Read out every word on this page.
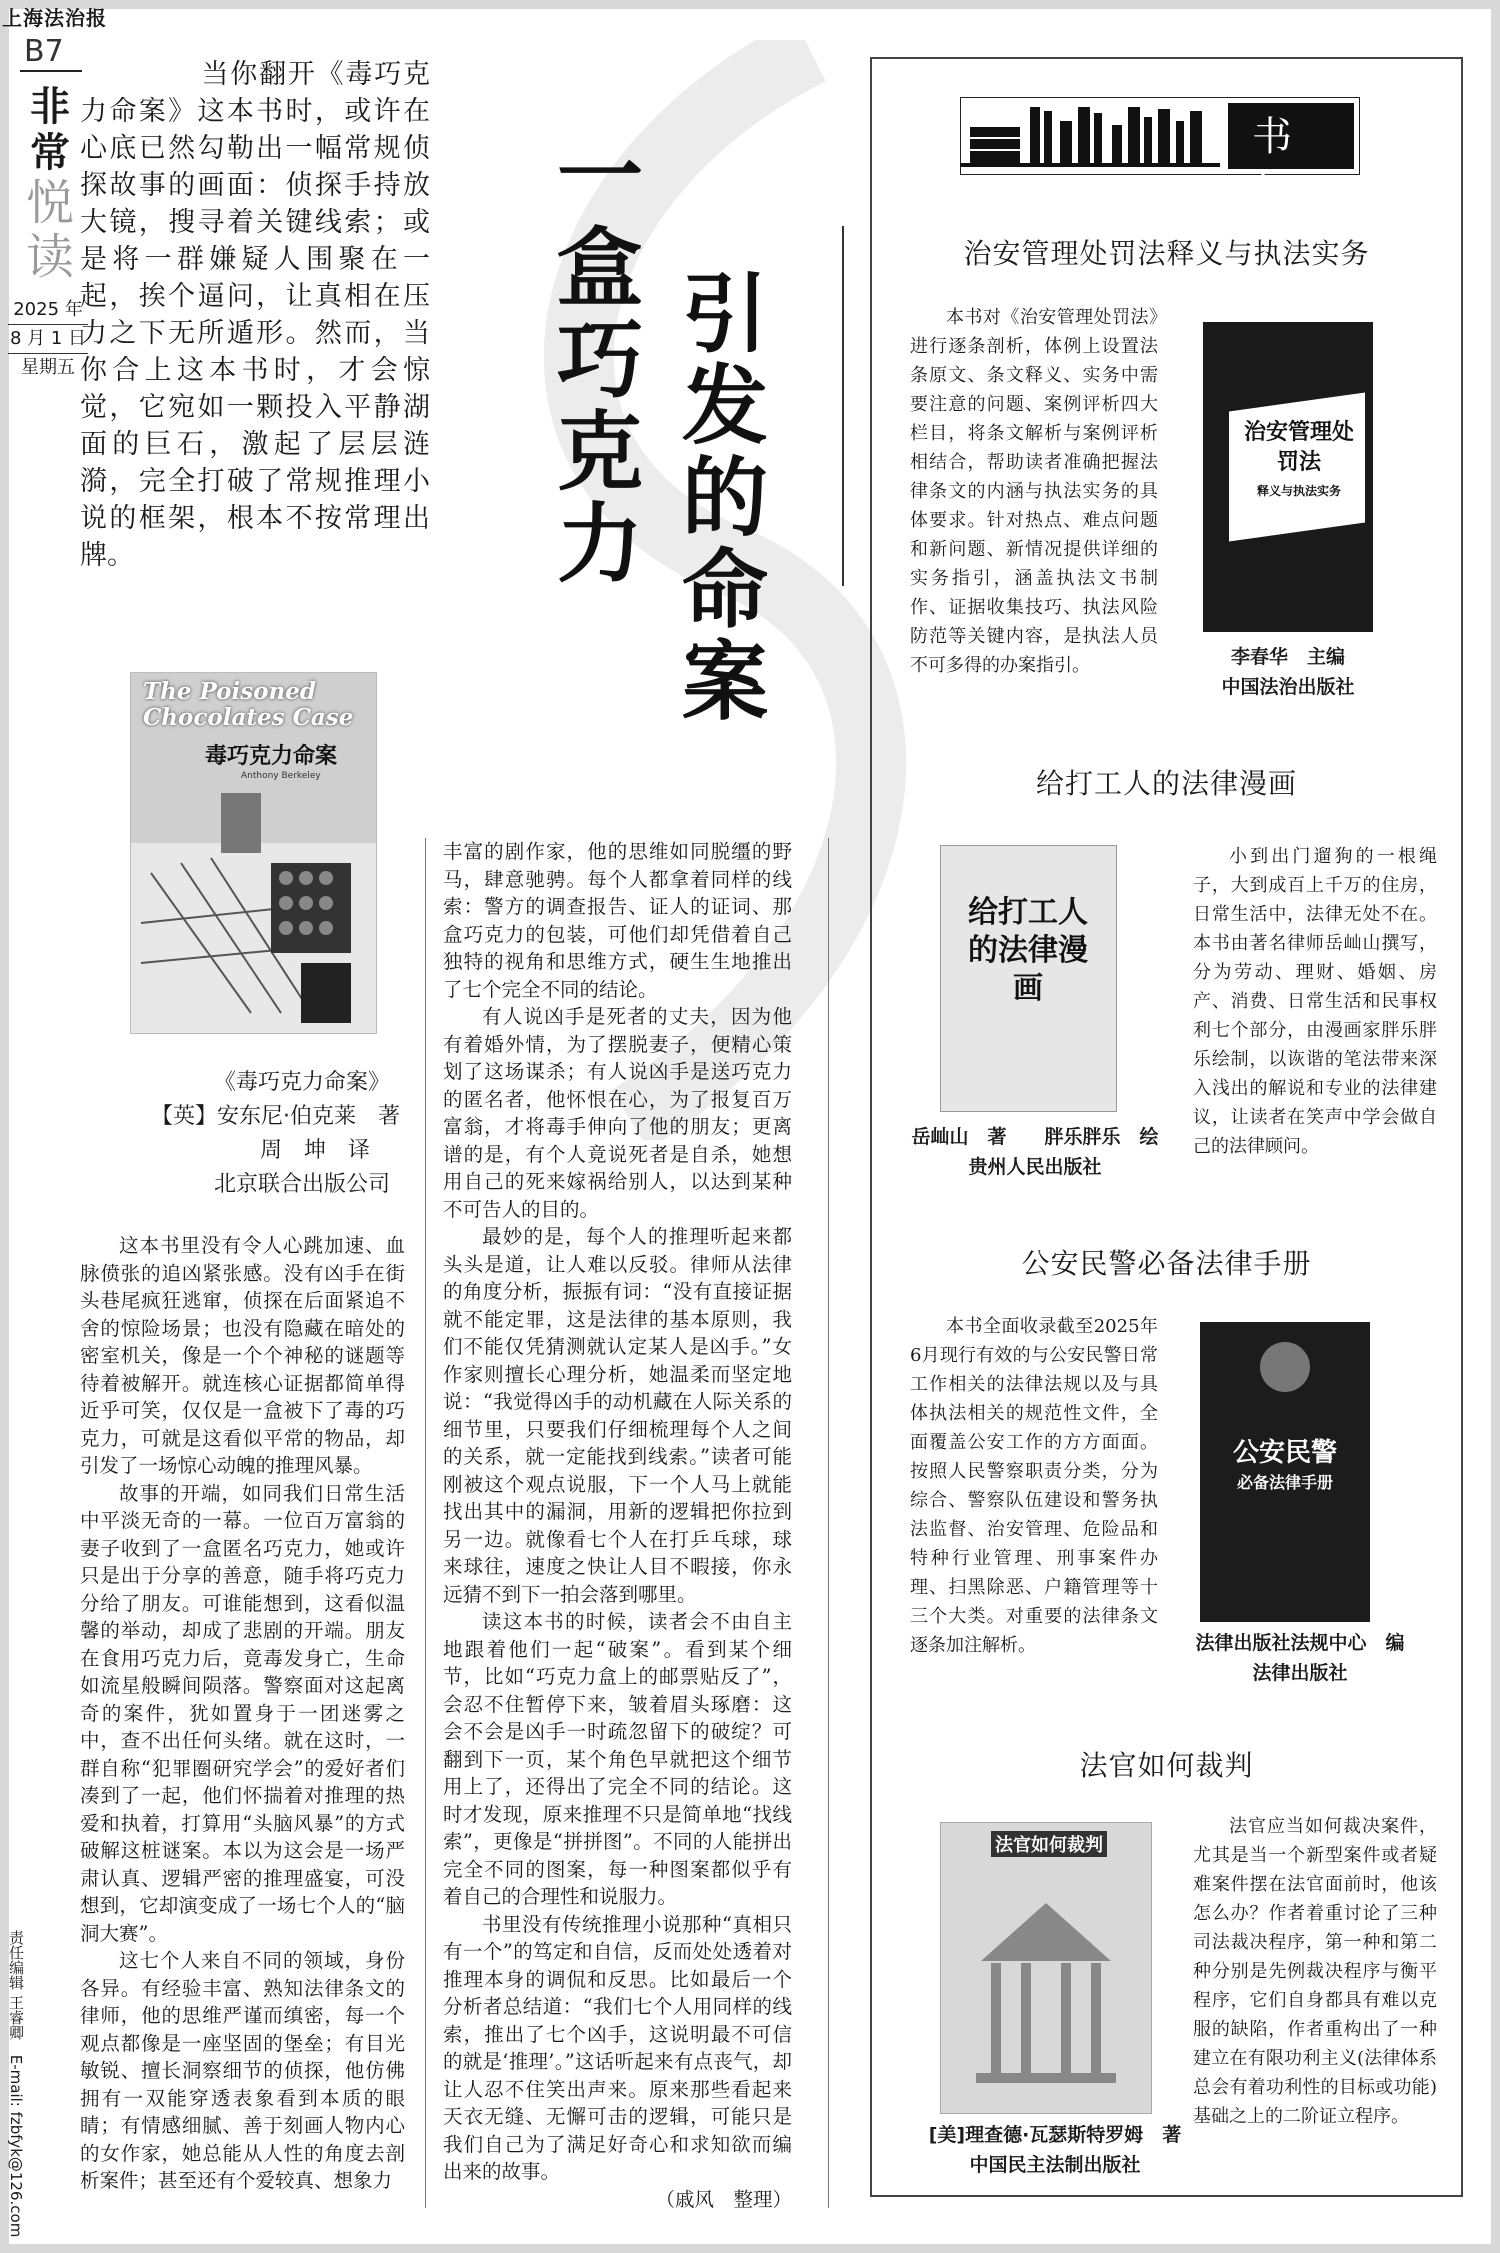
上海法治报
B7
非
常
悦
读
2025 年
8 月 1 日
星期五
当你翻开《毒巧克力命案》这本书时，或许在心底已然勾勒出一幅常规侦探故事的画面：侦探手持放大镜，搜寻着关键线索；或是将一群嫌疑人围聚在一起，挨个逼问，让真相在压力之下无所遁形。然而，当你合上这本书时，才会惊觉，它宛如一颗投入平静湖面的巨石，激起了层层涟漪，完全打破了常规推理小说的框架，根本不按常理出牌。	一盒巧克力 引发的命案
The Poisoned Chocolates Case
毒巧克力命案
Anthony Berkeley
《毒巧克力命案》
【英】安东尼·伯克莱　著
周　坤　译
北京联合出版公司

这本书里没有令人心跳加速、血脉偾张的追凶紧张感。没有凶手在街头巷尾疯狂逃窜，侦探在后面紧追不舍的惊险场景；也没有隐藏在暗处的密室机关，像是一个个神秘的谜题等待着被解开。就连核心证据都简单得近乎可笑，仅仅是一盒被下了毒的巧克力，可就是这看似平常的物品，却引发了一场惊心动魄的推理风暴。

故事的开端，如同我们日常生活中平淡无奇的一幕。一位百万富翁的妻子收到了一盒匿名巧克力，她或许只是出于分享的善意，随手将巧克力分给了朋友。可谁能想到，这看似温馨的举动，却成了悲剧的开端。朋友在食用巧克力后，竟毒发身亡，生命如流星般瞬间陨落。警察面对这起离奇的案件，犹如置身于一团迷雾之中，查不出任何头绪。就在这时，一群自称“犯罪圈研究学会”的爱好者们凑到了一起，他们怀揣着对推理的热爱和执着，打算用“头脑风暴”的方式破解这桩谜案。本以为这会是一场严肃认真、逻辑严密的推理盛宴，可没想到，它却演变成了一场七个人的“脑洞大赛”。

这七个人来自不同的领域，身份各异。有经验丰富、熟知法律条文的律师，他的思维严谨而缜密，每一个观点都像是一座坚固的堡垒；有目光敏锐、擅长洞察细节的侦探，他仿佛拥有一双能穿透表象看到本质的眼睛；有情感细腻、善于刻画人物内心的女作家，她总能从人性的角度去剖析案件；甚至还有个爱较真、想象力

丰富的剧作家，他的思维如同脱缰的野马，肆意驰骋。每个人都拿着同样的线索：警方的调查报告、证人的证词、那盒巧克力的包装，可他们却凭借着自己独特的视角和思维方式，硬生生地推出了七个完全不同的结论。

有人说凶手是死者的丈夫，因为他有着婚外情，为了摆脱妻子，便精心策划了这场谋杀；有人说凶手是送巧克力的匿名者，他怀恨在心，为了报复百万富翁，才将毒手伸向了他的朋友；更离谱的是，有个人竟说死者是自杀，她想用自己的死来嫁祸给别人，以达到某种不可告人的目的。

最妙的是，每个人的推理听起来都头头是道，让人难以反驳。律师从法律的角度分析，振振有词：“没有直接证据就不能定罪，这是法律的基本原则，我们不能仅凭猜测就认定某人是凶手。”女作家则擅长心理分析，她温柔而坚定地说：“我觉得凶手的动机藏在人际关系的细节里，只要我们仔细梳理每个人之间的关系，就一定能找到线索。”读者可能刚被这个观点说服，下一个人马上就能找出其中的漏洞，用新的逻辑把你拉到另一边。就像看七个人在打乒乓球，球来球往，速度之快让人目不暇接，你永远猜不到下一拍会落到哪里。

读这本书的时候，读者会不由自主地跟着他们一起“破案”。看到某个细节，比如“巧克力盒上的邮票贴反了”，会忍不住暂停下来，皱着眉头琢磨：这会不会是凶手一时疏忽留下的破绽？可翻到下一页，某个角色早就把这个细节用上了，还得出了完全不同的结论。这时才发现，原来推理不只是简单地“找线索”，更像是“拼拼图”。不同的人能拼出完全不同的图案，每一种图案都似乎有着自己的合理性和说服力。

书里没有传统推理小说那种“真相只有一个”的笃定和自信，反而处处透着对推理本身的调侃和反思。比如最后一个分析者总结道：“我们七个人用同样的线索，推出了七个凶手，这说明最不可信的就是‘推理’。”这话听起来有点丧气，却让人忍不住笑出声来。原来那些看起来天衣无缝、无懈可击的逻辑，可能只是我们自己为了满足好奇心和求知欲而编出来的故事。

（戚风　整理）
书架
治安管理处罚法释义与执法实务

本书对《治安管理处罚法》进行逐条剖析，体例上设置法条原文、条文释义、实务中需要注意的问题、案例评析四大栏目，将条文解析与案例评析相结合，帮助读者准确把握法律条文的内涵与执法实务的具体要求。针对热点、难点问题和新问题、新情况提供详细的实务指引，涵盖执法文书制作、证据收集技巧、执法风险防范等关键内容，是执法人员不可多得的办案指引。

治安管理处罚法
释义与执法实务
李春华　主编
中国法治出版社
给打工人的法律漫画
给打工人的法律漫画
岳屾山　著　　胖乐胖乐　绘
贵州人民出版社

小到出门遛狗的一根绳子，大到成百上千万的住房，日常生活中，法律无处不在。本书由著名律师岳屾山撰写，分为劳动、理财、婚姻、房产、消费、日常生活和民事权利七个部分，由漫画家胖乐胖乐绘制，以诙谐的笔法带来深入浅出的解说和专业的法律建议，让读者在笑声中学会做自己的法律顾问。

公安民警必备法律手册

本书全面收录截至2025年6月现行有效的与公安民警日常工作相关的法律法规以及与具体执法相关的规范性文件，全面覆盖公安工作的方方面面。按照人民警察职责分类，分为综合、警察队伍建设和警务执法监督、治安管理、危险品和特种行业管理、刑事案件办理、扫黑除恶、户籍管理等十三个大类。对重要的法律条文逐条加注解析。

公安民警
必备法律手册
法律出版社法规中心　编
法律出版社
法官如何裁判
法官如何裁判
[美]理查德·瓦瑟斯特罗姆　著
中国民主法制出版社

法官应当如何裁决案件，尤其是当一个新型案件或者疑难案件摆在法官面前时，他该怎么办？作者着重讨论了三种司法裁决程序，第一种和第二种分别是先例裁决程序与衡平程序，它们自身都具有难以克服的缺陷，作者重构出了一种建立在有限功利主义(法律体系总会有着功利性的目标或功能)基础之上的二阶证立程序。

责任编辑 王睿卿　E-mail: fzbfyk@126.com
